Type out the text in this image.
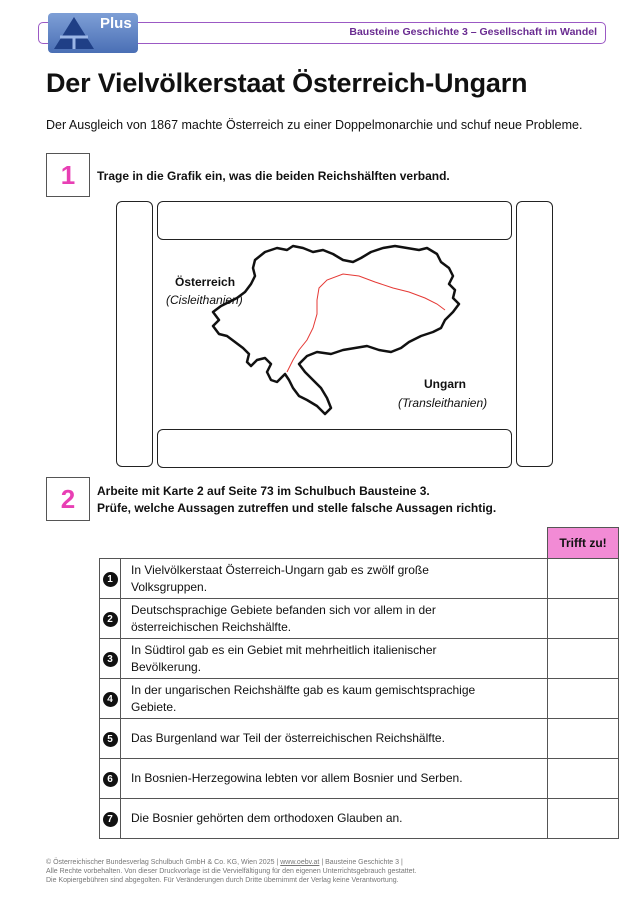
Bausteine Geschichte 3 – Gesellschaft im Wandel
Plus
Der Vielvölkerstaat Österreich-Ungarn
Der Ausgleich von 1867 machte Österreich zu einer Doppelmonarchie und schuf neue Probleme.
1	Trage in die Grafik ein, was die beiden Reichshälften verband.
Österreich
(Cisleithanien)
Ungarn
(Transleithanien)
2	Arbeite mit Karte 2 auf Seite 73 im Schulbuch Bausteine 3.
Prüfe, welche Aussagen zutreffen und stelle falsche Aussagen richtig.
		Trifft zu!
1	In Vielvölkerstaat Österreich-Ungarn gab es zwölf große
Volksgruppen.	

2	Deutschsprachige Gebiete befanden sich vor allem in der
österreichischen Reichshälfte.	

3	In Südtirol gab es ein Gebiet mit mehrheitlich italienischer
Bevölkerung.	

4	In der ungarischen Reichshälfte gab es kaum gemischtsprachige
Gebiete.	

5	Das Burgenland war Teil der österreichischen Reichshälfte.	
6	In Bosnien-Herzegowina lebten vor allem Bosnier und Serben.	
7	Die Bosnier gehörten dem orthodoxen Glauben an.	
© Österreichischer Bundesverlag Schulbuch GmbH & Co. KG, Wien 2025 | www.oebv.at | Bausteine Geschichte 3 |
Alle Rechte vorbehalten. Von dieser Druckvorlage ist die Vervielfältigung für den eigenen Unterrichtsgebrauch gestattet.
Die Kopiergebühren sind abgegolten. Für Veränderungen durch Dritte übernimmt der Verlag keine Verantwortung.
